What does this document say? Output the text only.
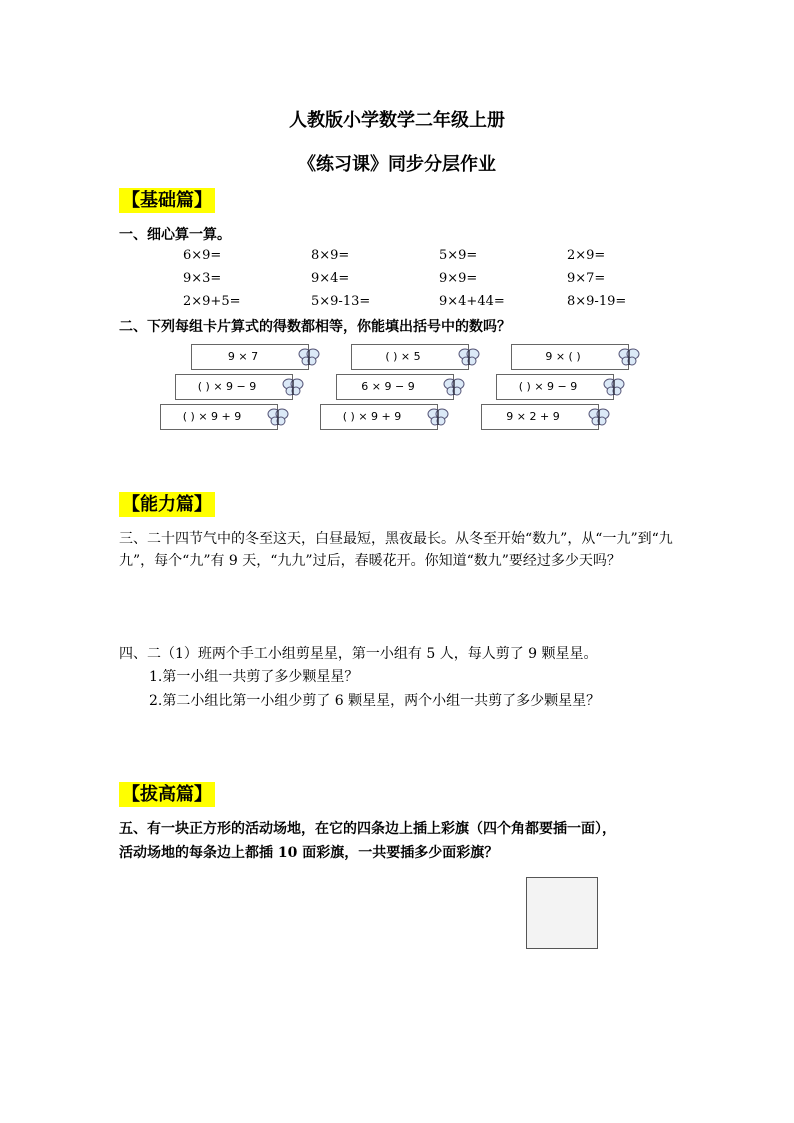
人教版小学数学二年级上册
《练习课》同步分层作业
【基础篇】
一、细心算一算。
6×9=	8×9=	5×9=	2×9=
9×3=	9×4=	9×9=	9×7=
2×9+5=	5×9-13=	9×4+44=	8×9-19=
二、下列每组卡片算式的得数都相等，你能填出括号中的数吗？
9 × 7
( ) × 9 − 9
( ) × 9 + 9
( ) × 5
6 × 9 − 9
( ) × 9 + 9
9 × ( )
( ) × 9 − 9
9 × 2 + 9
【能力篇】
三、二十四节气中的冬至这天，白昼最短，黑夜最长。从冬至开始“数九”，从“一九”到“九九”，每个“九”有 9 天，“九九”过后，春暖花开。你知道“数九”要经过多少天吗？
四、二（1）班两个手工小组剪星星，第一小组有 5 人，每人剪了 9 颗星星。
1.第一小组一共剪了多少颗星星？
2.第二小组比第一小组少剪了 6 颗星星，两个小组一共剪了多少颗星星？
【拔高篇】
五、有一块正方形的活动场地，在它的四条边上插上彩旗（四个角都要插一面），
活动场地的每条边上都插 10 面彩旗，一共要插多少面彩旗？
